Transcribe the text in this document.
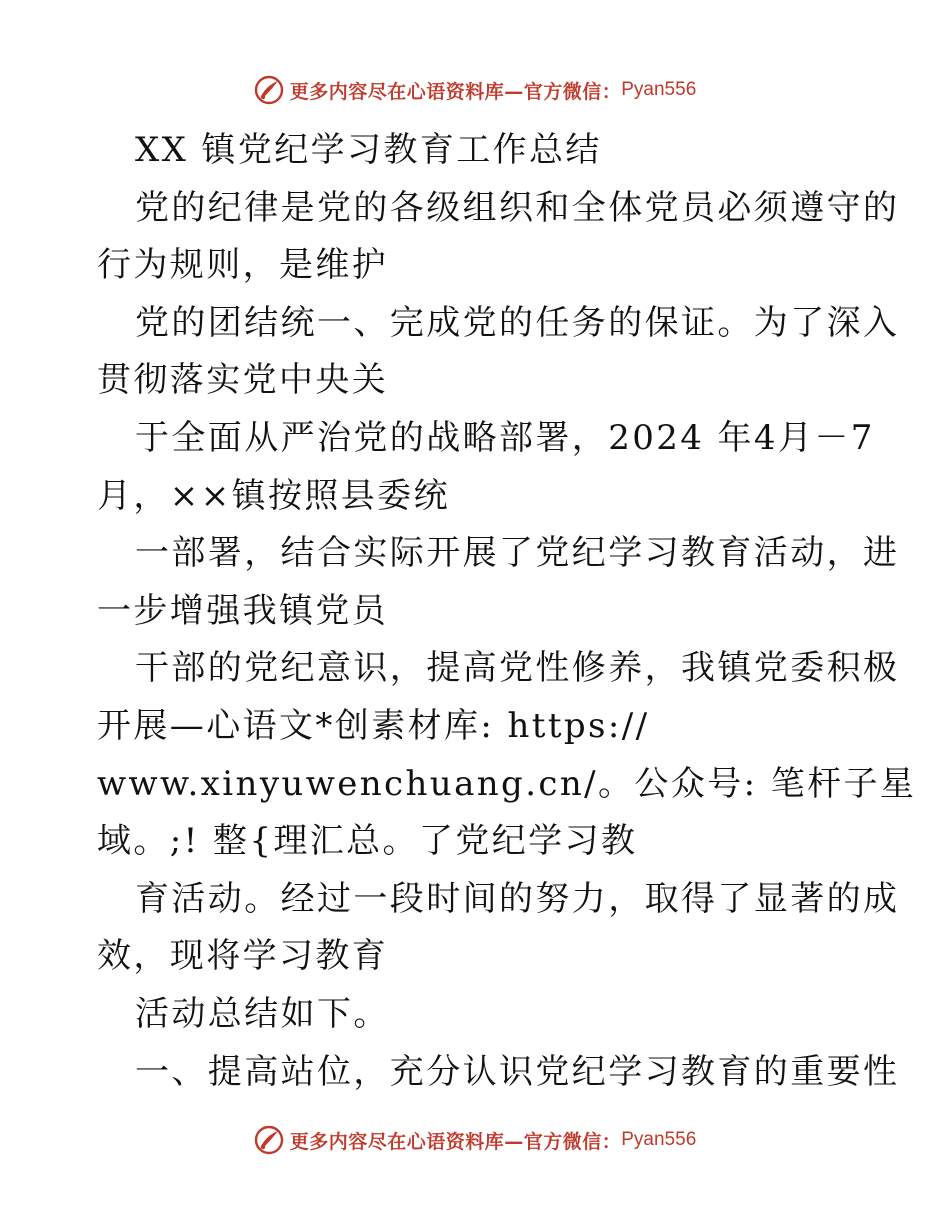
更多内容尽在心语资料库—官方微信： Pyan556
XX 镇党纪学习教育工作总结
党的纪律是党的各级组织和全体党员必须遵守的
行为规则，是维护
党的团结统一、完成党的任务的保证。为了深入
贯彻落实党中央关
于全面从严治党的战略部署，2024 年4月－7
月，××镇按照县委统
一部署，结合实际开展了党纪学习教育活动，进
一步增强我镇党员
干部的党纪意识，提高党性修养，我镇党委积极
开展—心语文*创素材库: https://
www.xinyuwenchuang.cn/。公众号: 笔杆子星
域。;! 整{理汇总。了党纪学习教
育活动。经过一段时间的努力，取得了显著的成
效，现将学习教育
活动总结如下。
一、提高站位，充分认识党纪学习教育的重要性
更多内容尽在心语资料库—官方微信： Pyan556
